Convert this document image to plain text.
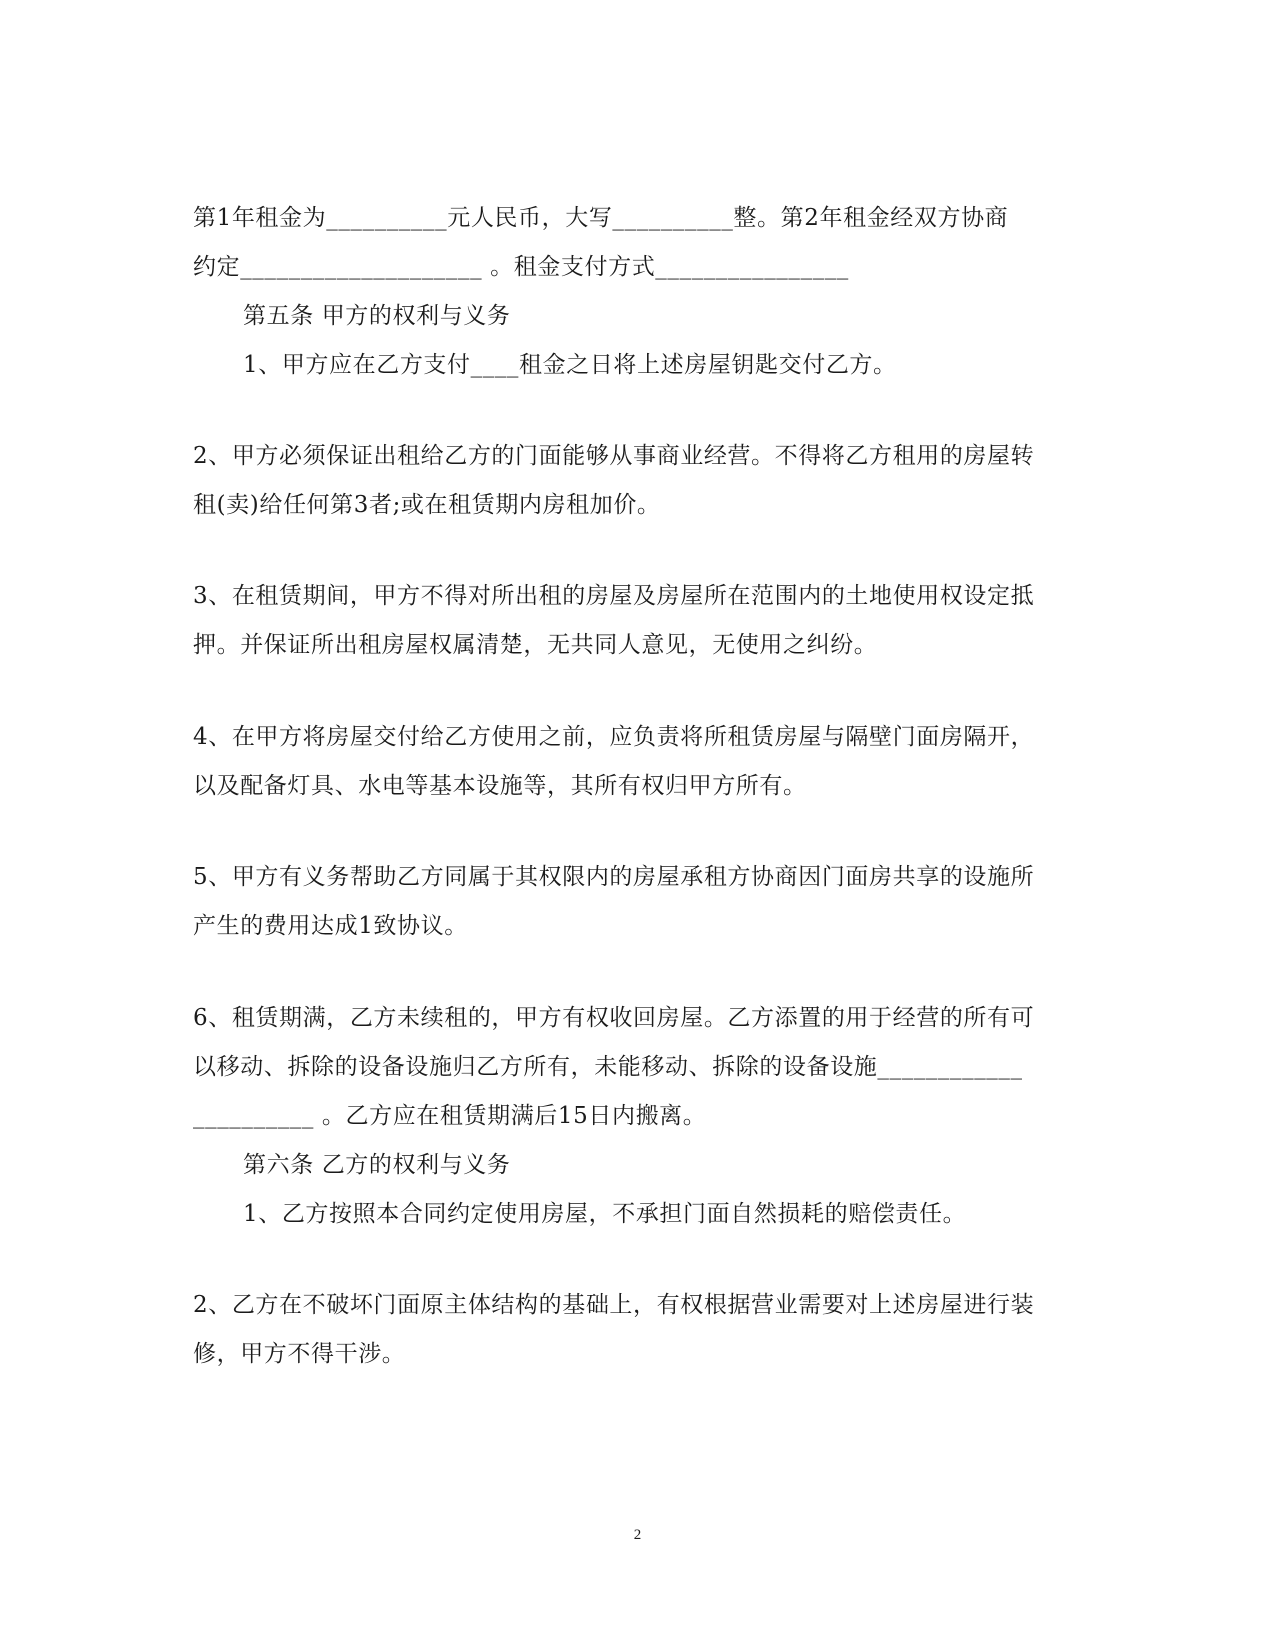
第1年租金为__________元人民币，大写__________整。第2年租金经双方协商
约定____________________ 。租金支付方式________________
第五条 甲方的权利与义务
1、甲方应在乙方支付____租金之日将上述房屋钥匙交付乙方。
2、甲方必须保证出租给乙方的门面能够从事商业经营。不得将乙方租用的房屋转
租(卖)给任何第3者;或在租赁期内房租加价。
3、在租赁期间，甲方不得对所出租的房屋及房屋所在范围内的土地使用权设定抵
押。并保证所出租房屋权属清楚，无共同人意见，无使用之纠纷。
4、在甲方将房屋交付给乙方使用之前，应负责将所租赁房屋与隔壁门面房隔开，
以及配备灯具、水电等基本设施等，其所有权归甲方所有。
5、甲方有义务帮助乙方同属于其权限内的房屋承租方协商因门面房共享的设施所
产生的费用达成1致协议。
6、租赁期满，乙方未续租的，甲方有权收回房屋。乙方添置的用于经营的所有可
以移动、拆除的设备设施归乙方所有，未能移动、拆除的设备设施____________
__________ 。乙方应在租赁期满后15日内搬离。
第六条 乙方的权利与义务
1、乙方按照本合同约定使用房屋，不承担门面自然损耗的赔偿责任。
2、乙方在不破坏门面原主体结构的基础上，有权根据营业需要对上述房屋进行装
修，甲方不得干涉。
2
